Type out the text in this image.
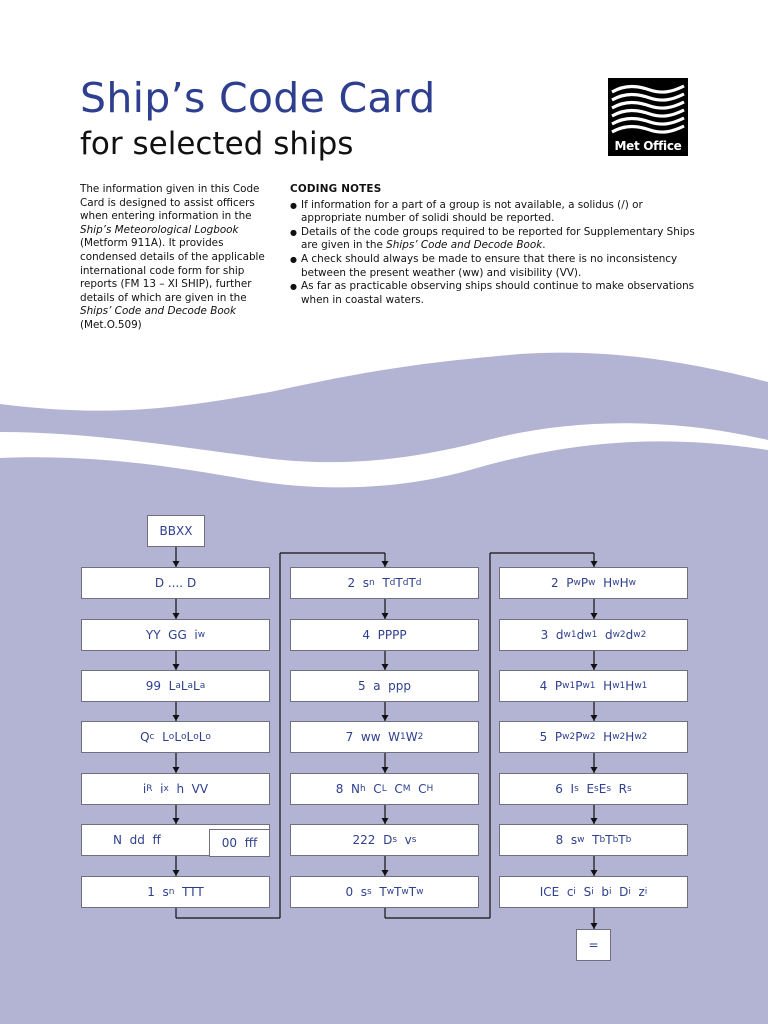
Ship’s Code Card
for selected ships	Met Office
The information given in this Code Card is designed to assist officers when entering information in the Ship’s Meteorological Logbook (Metform 911A). It provides condensed details of the applicable international code form for ship reports (FM 13 – XI SHIP), further details of which are given in the Ships’ Code and Decode Book (Met.O.509)
CODING NOTES
● If information for a part of a group is not available, a solidus (/) or appropriate number of solidi should be reported.
● Details of the code groups required to be reported for Supplementary Ships are given in the Ships’ Code and Decode Book.
● A check should always be made to ensure that there is no inconsistency between the present weather (ww) and visibility (VV).
● As far as practicable observing ships should continue to make observations when in coastal waters.
BBXX
D .... D
YY  GG  i w
99  L a L a L a
Q c L o L o L o L o
i R i x h  VV
N  dd  ff
1  s n TTT
2  s n T d T d T d
4  PPPP
5  a  ppp
7  ww  W 1 W 2
8  N h C L C M C H
222  D s v s
0  s s T w T w T w
2  P w P w H w H w
3  d w1 d w1 d w2 d w2
4  P w1 P w1 H w1 H w1
5  P w2 P w2 H w2 H w2
6  I s E s E s R s
8  s w T b T b T b
ICE  c i S i b i D i z i
00  fff
=
